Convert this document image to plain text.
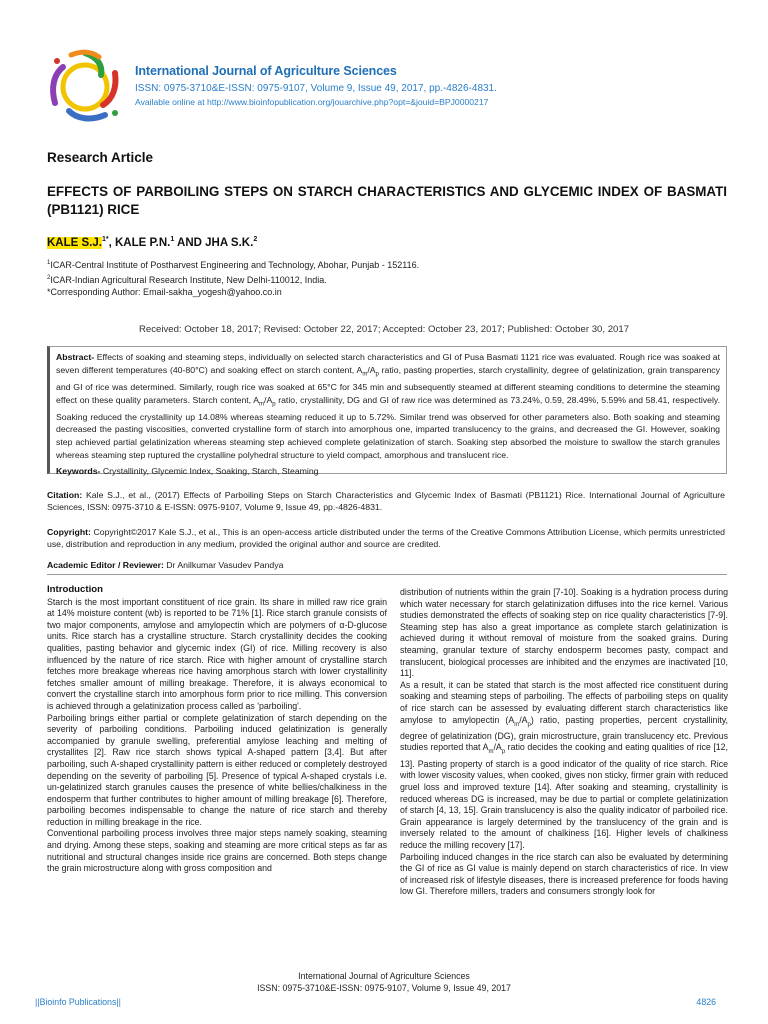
International Journal of Agriculture Sciences
ISSN: 0975-3710&E-ISSN: 0975-9107, Volume 9, Issue 49, 2017, pp.-4826-4831.
Available online at http://www.bioinfopublication.org/jouarchive.php?opt=&jouid=BPJ0000217
Research Article
EFFECTS OF PARBOILING STEPS ON STARCH CHARACTERISTICS AND GLYCEMIC INDEX OF BASMATI (PB1121) RICE
KALE S.J.$^{1*}$, KALE P.N.$^1$ AND JHA S.K.$^2$
$^1$ICAR-Central Institute of Postharvest Engineering and Technology, Abohar, Punjab - 152116.
$^2$ICAR-Indian Agricultural Research Institute, New Delhi-110012, India.
*Corresponding Author: Email-sakha_yogesh@yahoo.co.in
Received: October 18, 2017; Revised: October 22, 2017; Accepted: October 23, 2017; Published: October 30, 2017
Abstract- Effects of soaking and steaming steps, individually on selected starch characteristics and GI of Pusa Basmati 1121 rice was evaluated. Rough rice was soaked at seven different temperatures (40-80°C) and soaking effect on starch content, $A_m/A_p$ ratio, pasting properties, starch crystallinity, degree of gelatinization, grain transparency and GI of rice was determined. Similarly, rough rice was soaked at 65°C for 345 min and subsequently steamed at different steaming conditions to determine the steaming effect on these quality parameters. Starch content, $A_m/A_p$ ratio, crystallinity, DG and GI of raw rice was determined as 73.24%, 0.59, 28.49%, 5.59% and 58.41, respectively. Soaking reduced the crystallinity up 14.08% whereas steaming reduced it up to 5.72%. Similar trend was observed for other parameters also. Both soaking and steaming decreased the pasting viscosities, converted crystalline form of starch into amorphous one, imparted translucency to the grains, and decreased the GI. However, soaking step achieved partial gelatinization whereas steaming step achieved complete gelatinization of starch. Soaking step absorbed the moisture to swallow the starch granules whereas steaming step ruptured the crystalline polyhedral structure to yield compact, amorphous and translucent rice.
Keywords- Crystallinity, Glycemic Index, Soaking, Starch, Steaming
Citation: Kale S.J., et al., (2017) Effects of Parboiling Steps on Starch Characteristics and Glycemic Index of Basmati (PB1121) Rice. International Journal of Agriculture Sciences, ISSN: 0975-3710 & E-ISSN: 0975-9107, Volume 9, Issue 49, pp.-4826-4831.
Copyright: Copyright©2017 Kale S.J., et al., This is an open-access article distributed under the terms of the Creative Commons Attribution License, which permits unrestricted use, distribution and reproduction in any medium, provided the original author and source are credited.
Academic Editor / Reviewer: Dr Anilkumar Vasudev Pandya

Introduction

Starch is the most important constituent of rice grain. Its share in milled raw rice grain at 14% moisture content (wb) is reported to be 71% [1]. Rice starch granule consists of two major components, amylose and amylopectin which are polymers of α-D-glucose units. Rice starch has a crystalline structure. Starch crystallinity decides the cooking qualities, pasting behavior and glycemic index (GI) of rice. Milling recovery is also influenced by the nature of rice starch. Rice with higher amount of crystalline starch fetches more breakage whereas rice having amorphous starch with lower crystallinity fetches smaller amount of milling breakage. Therefore, it is always economical to convert the crystalline starch into amorphous form prior to rice milling. This conversion is achieved through a gelatinization process called as 'parboiling'.

Parboiling brings either partial or complete gelatinization of starch depending on the severity of parboiling conditions. Parboiling induced gelatinization is generally accompanied by granule swelling, preferential amylose leaching and melting of crystallites [2]. Raw rice starch shows typical A-shaped pattern [3,4]. But after parboiling, such A-shaped crystallinity pattern is either reduced or completely destroyed depending on the severity of parboiling [5]. Presence of typical A-shaped crystals i.e. un-gelatinized starch granules causes the presence of white bellies/chalkiness in the endosperm that further contributes to higher amount of milling breakage [6]. Therefore, parboiling becomes indispensable to change the nature of rice starch and thereby reduction in milling breakage in the rice.

Conventional parboiling process involves three major steps namely soaking, steaming and drying. Among these steps, soaking and steaming are more critical steps as far as nutritional and structural changes inside rice grains are concerned. Both steps change the grain microstructure along with gross composition and

distribution of nutrients within the grain [7-10]. Soaking is a hydration process during which water necessary for starch gelatinization diffuses into the rice kernel. Various studies demonstrated the effects of soaking step on rice quality characteristics [7-9]. Steaming step has also a great importance as complete starch gelatinization is achieved during it without removal of moisture from the soaked grains. During steaming, granular texture of starchy endosperm becomes pasty, compact and translucent, biological processes are inhibited and the enzymes are inactivated [10, 11].

As a result, it can be stated that starch is the most affected rice constituent during soaking and steaming steps of parboiling. The effects of parboiling steps on quality of rice starch can be assessed by evaluating different starch characteristics like amylose to amylopectin $(A_m/A_p)$ ratio, pasting properties, percent crystallinity, degree of gelatinization (DG), grain microstructure, grain translucency etc. Previous studies reported that $A_m/A_p$ ratio decides the cooking and eating qualities of rice [12, 13]. Pasting property of starch is a good indicator of the quality of rice starch. Rice with lower viscosity values, when cooked, gives non sticky, firmer grain with reduced gruel loss and improved texture [14]. After soaking and steaming, crystallinity is reduced whereas DG is increased, may be due to partial or complete gelatinization of starch [4, 13, 15]. Grain translucency is also the quality indicator of parboiled rice. Grain appearance is largely determined by the translucency of the grain and is inversely related to the amount of chalkiness [16]. Higher levels of chalkiness reduce the milling recovery [17].

Parboiling induced changes in the rice starch can also be evaluated by determining the GI of rice as GI value is mainly depend on starch characteristics of rice. In view of increased risk of lifestyle diseases, there is increased preference for foods having low GI. Therefore millers, traders and consumers strongly look for

International Journal of Agriculture Sciences
ISSN: 0975-3710&E-ISSN: 0975-9107, Volume 9, Issue 49, 2017
||Bioinfo Publications||	4826
